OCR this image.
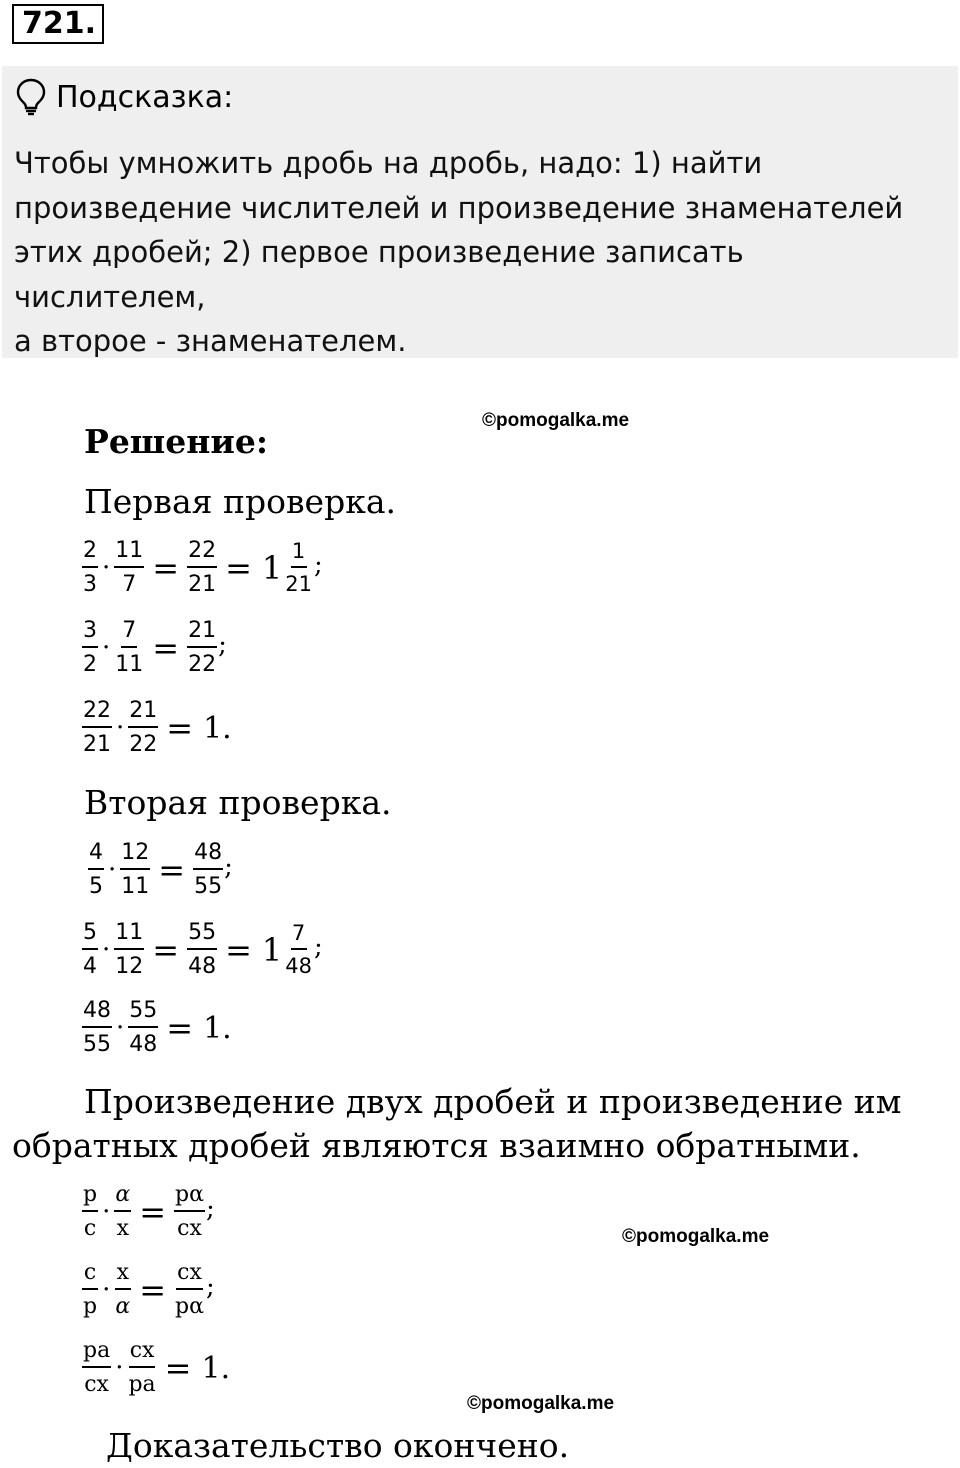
721.
Подсказка:
Чтобы умножить дробь на дробь, надо: 1) найти
произведение числителей и произведение знаменателей
этих дробей; 2) первое произведение записать числителем,
а второе - знаменателем.
©pomogalka.me
©pomogalka.me
©pomogalka.me
Решение:
Первая проверка.
$\frac{2}{3} \cdot \frac{11}{7} = \frac{22}{21} = 1 \frac{1}{21}$ ;
$\frac{3}{2} \cdot \frac{7}{11} = \frac{21}{22}$ ;
$\frac{22}{21} \cdot \frac{21}{22} = 1$.
Вторая проверка.
$\frac{4}{5} \cdot \frac{12}{11} = \frac{48}{55}$ ;
$\frac{5}{4} \cdot \frac{11}{12} = \frac{55}{48} = 1 \frac{7}{48}$ ;
$\frac{48}{55} \cdot \frac{55}{48} = 1$.
Произведение двух дробей и произведение им
обратных дробей являются взаимно обратными.
$\frac{p}{c} \cdot \frac{\alpha}{x} = \frac{p\alpha}{cx}$ ;
$\frac{c}{p} \cdot \frac{x}{\alpha} = \frac{cx}{p\alpha}$ ;
$\frac{pa}{cx} \cdot \frac{cx}{pa} = 1$.
Доказательство окончено.
